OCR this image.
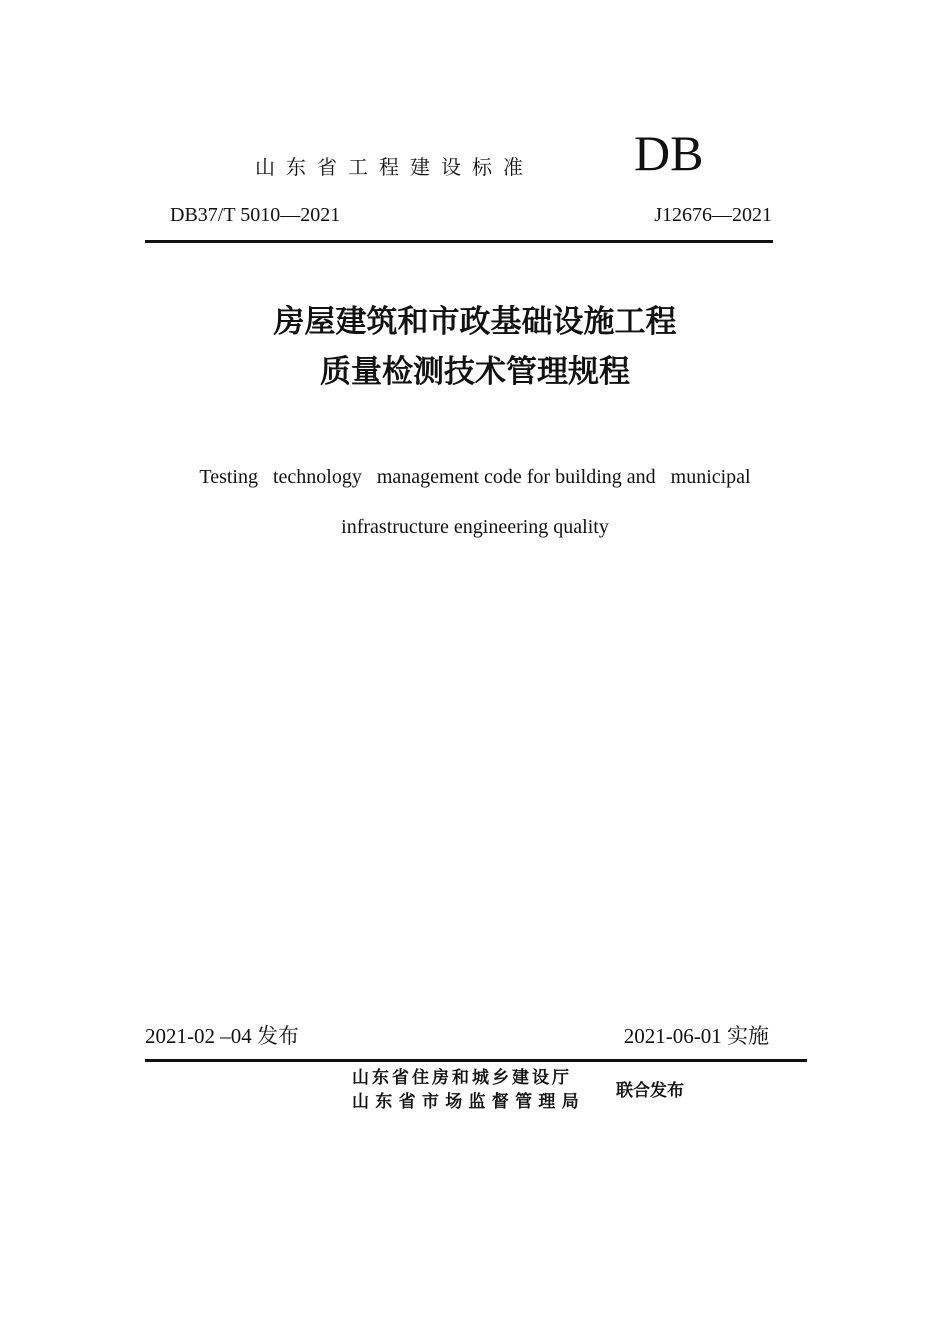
山东省工程建设标准 DB
DB37/T 5010—2021	J12676—2021
房屋建筑和市政基础设施工程
质量检测技术管理规程
Testing   technology   management code for building and   municipal
infrastructure engineering quality
2021-02 –04 发布	2021-06-01 实施
山东省住房和城乡建设厅
山东省市场监督管理局
联合发布
